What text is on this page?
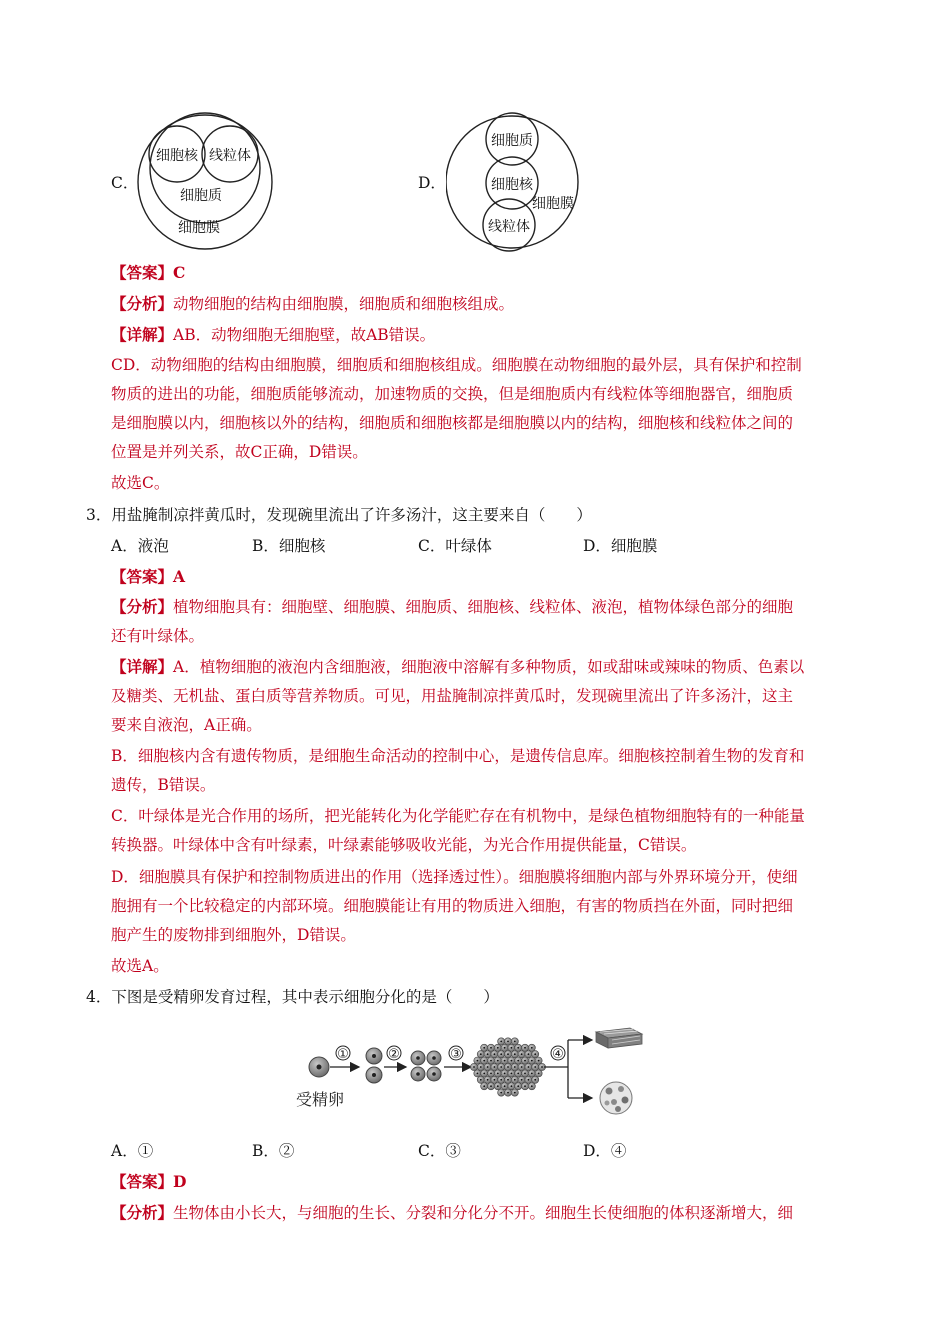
C．
细胞核 线粒体
细胞质
细胞膜
D．
细胞质
细胞核
线粒体
细胞膜
【答案】C
【分析】动物细胞的结构由细胞膜，细胞质和细胞核组成。
【详解】AB．动物细胞无细胞壁，故AB错误。
CD．动物细胞的结构由细胞膜，细胞质和细胞核组成。细胞膜在动物细胞的最外层，具有保护和控制
物质的进出的功能，细胞质能够流动，加速物质的交换，但是细胞质内有线粒体等细胞器官，细胞质
是细胞膜以内，细胞核以外的结构，细胞质和细胞核都是细胞膜以内的结构，细胞核和线粒体之间的
位置是并列关系，故C正确，D错误。
故选C。
3．用盐腌制凉拌黄瓜时，发现碗里流出了许多汤汁，这主要来自（　　）
A．液泡	B．细胞核	C．叶绿体	D．细胞膜
【答案】A
【分析】植物细胞具有：细胞壁、细胞膜、细胞质、细胞核、线粒体、液泡，植物体绿色部分的细胞
还有叶绿体。
【详解】A．植物细胞的液泡内含细胞液，细胞液中溶解有多种物质，如或甜味或辣味的物质、色素以
及糖类、无机盐、蛋白质等营养物质。可见，用盐腌制凉拌黄瓜时，发现碗里流出了许多汤汁，这主
要来自液泡，A正确。
B．细胞核内含有遗传物质，是细胞生命活动的控制中心，是遗传信息库。细胞核控制着生物的发育和
遗传，B错误。
C．叶绿体是光合作用的场所，把光能转化为化学能贮存在有机物中，是绿色植物细胞特有的一种能量
转换器。叶绿体中含有叶绿素，叶绿素能够吸收光能，为光合作用提供能量，C错误。
D．细胞膜具有保护和控制物质进出的作用（选择透过性）。细胞膜将细胞内部与外界环境分开，使细
胞拥有一个比较稳定的内部环境。细胞膜能让有用的物质进入细胞，有害的物质挡在外面，同时把细
胞产生的废物排到细胞外，D错误。
故选A。
4．下图是受精卵发育过程，其中表示细胞分化的是（　　）
受精卵
①	②	③	④
A．①	B．②	C．③	D．④
【答案】D
【分析】生物体由小长大，与细胞的生长、分裂和分化分不开。细胞生长使细胞的体积逐渐增大，细
